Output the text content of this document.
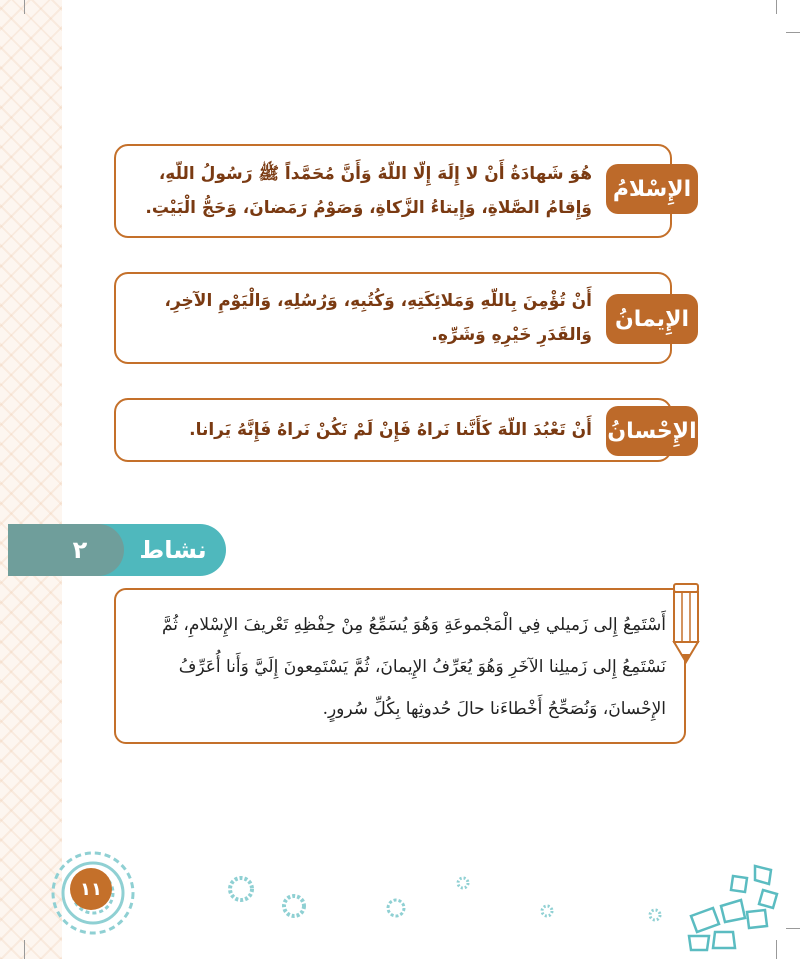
هُوَ شَهادَةُ أَنْ لا إِلَهَ إِلّا اللّهُ وَأَنَّ مُحَمَّداً ﷺ رَسُولُ اللّهِ، وَإِقامُ الصَّلاةِ، وَإِيتاءُ الزَّكاةِ، وَصَوْمُ رَمَضانَ، وَحَجُّ الْبَيْتِ.
الإِسْلامُ
أَنْ تُؤْمِنَ بِاللّهِ وَمَلائِكَتِهِ، وَكُتُبِهِ، وَرُسُلِهِ، وَالْيَوْمِ الآخِرِ، وَالقَدَرِ خَيْرِهِ وَشَرِّهِ.
الإِيمانُ
أَنْ تَعْبُدَ اللّهَ كَأَنَّنا نَراهُ فَإِنْ لَمْ نَكُنْ نَراهُ فَإِنَّهُ يَرانا. الإِحْسانُ
٢	نشاط
أَسْتَمِعُ إِلى زَميلي فِي الْمَجْموعَةِ وَهُوَ يُسَمِّعُ مِنْ حِفْظِهِ تَعْريفَ الإِسْلامِ، ثُمَّ نَسْتَمِعُ إِلى زَميلِنا الآخَرِ وَهُوَ يُعَرِّفُ الإِيمانَ، ثُمَّ يَسْتَمِعونَ إِلَيَّ وَأَنا أُعَرِّفُ الإِحْسانَ، وَنُصَحِّحُ أَخْطاءَنا حالَ حُدوثِها بِكُلِّ سُرورٍ.
١١
